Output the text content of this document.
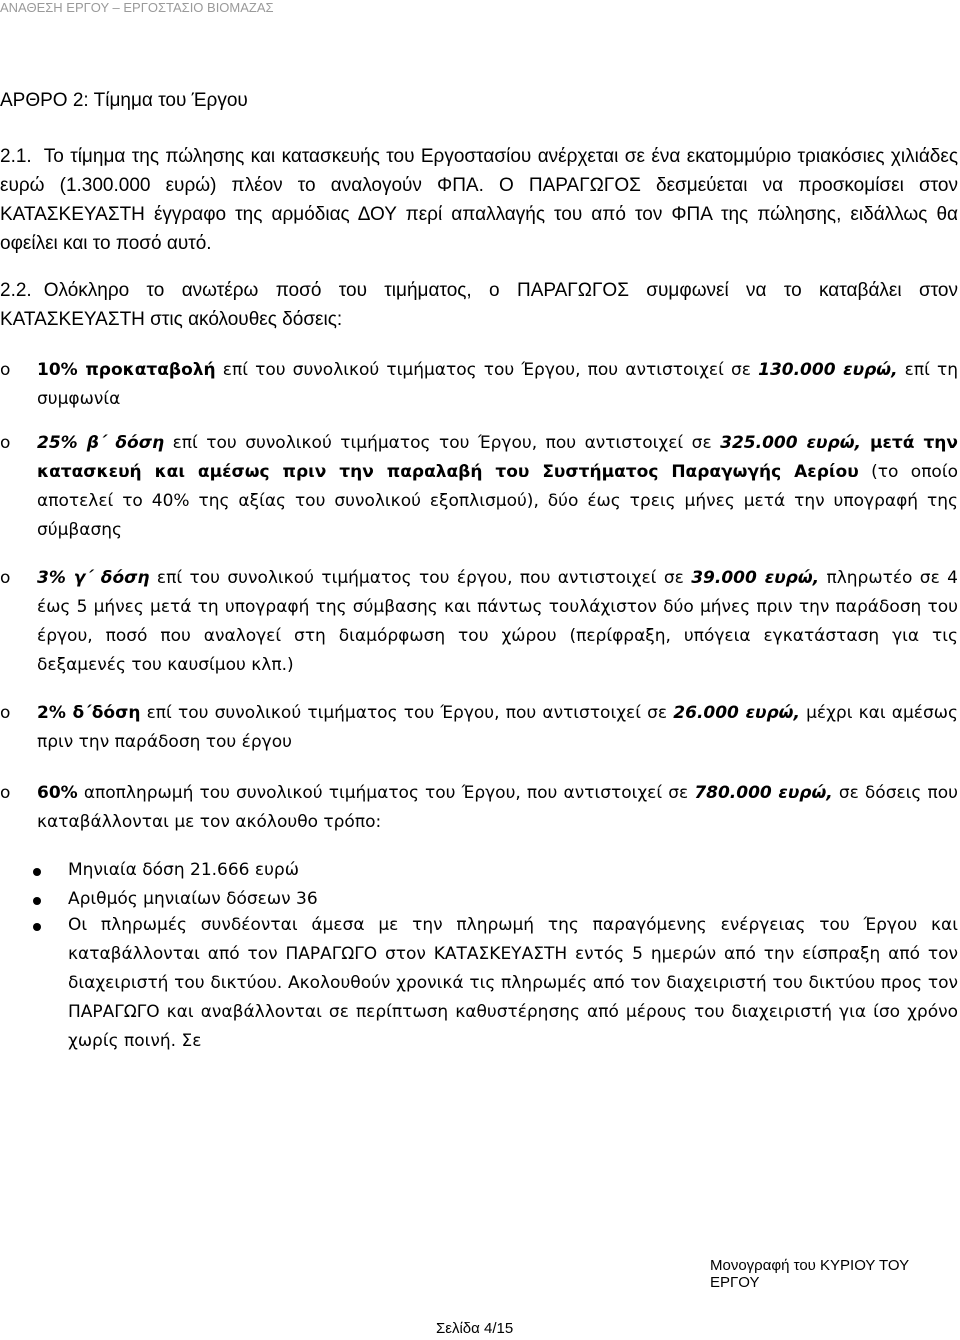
ΑΝΑΘΕΣΗ ΕΡΓΟΥ – ΕΡΓΟΣΤΑΣΙΟ ΒΙΟΜΑΖΑΣ
ΑΡΘΡΟ 2: Τίμημα του Έργου
2.1. Το τίμημα της πώλησης και κατασκευής του Εργοστασίου ανέρχεται σε ένα εκατομμύριο τριακόσιες χιλιάδες ευρώ (1.300.000 ευρώ) πλέον το αναλογούν ΦΠΑ. Ο ΠΑΡΑΓΩΓΟΣ δεσμεύεται να προσκομίσει στον ΚΑΤΑΣΚΕΥΑΣΤΗ έγγραφο της αρμόδιας ΔΟΥ περί απαλλαγής του από τον ΦΠΑ της πώλησης, ειδάλλως θα οφείλει και το ποσό αυτό.
2.2. Ολόκληρο το ανωτέρω ποσό του τιμήματος, ο ΠΑΡΑΓΩΓΟΣ συμφωνεί να το καταβάλει στον ΚΑΤΑΣΚΕΥΑΣΤΗ στις ακόλουθες δόσεις:
o 10% προκαταβολή επί του συνολικού τιμήματος του Έργου, που αντιστοιχεί σε 130.000 ευρώ, επί τη συμφωνία
o 25% β΄ δόση επί του συνολικού τιμήματος του Έργου, που αντιστοιχεί σε 325.000 ευρώ, μετά την κατασκευή και αμέσως πριν την παραλαβή του Συστήματος Παραγωγής Αερίου (το οποίο αποτελεί το 40% της αξίας του συνολικού εξοπλισμού), δύο έως τρεις μήνες μετά την υπογραφή της σύμβασης
o 3% γ΄ δόση επί του συνολικού τιμήματος του έργου, που αντιστοιχεί σε 39.000 ευρώ, πληρωτέο σε 4 έως 5 μήνες μετά τη υπογραφή της σύμβασης και πάντως τουλάχιστον δύο μήνες πριν την παράδοση του έργου, ποσό που αναλογεί στη διαμόρφωση του χώρου (περίφραξη, υπόγεια εγκατάσταση για τις δεξαμενές του καυσίμου κλπ.)
o 2% δ΄δόση επί του συνολικού τιμήματος του Έργου, που αντιστοιχεί σε 26.000 ευρώ, μέχρι και αμέσως πριν την παράδοση του έργου
o 60% αποπληρωμή του συνολικού τιμήματος του Έργου, που αντιστοιχεί σε 780.000 ευρώ, σε δόσεις που καταβάλλονται με τον ακόλουθο τρόπο:
Μηνιαία δόση 21.666 ευρώ
Αριθμός μηνιαίων δόσεων 36
Οι πληρωμές συνδέονται άμεσα με την πληρωμή της παραγόμενης ενέργειας του Έργου και καταβάλλονται από τον ΠΑΡΑΓΩΓΟ στον ΚΑΤΑΣΚΕΥΑΣΤΗ εντός 5 ημερών από την είσπραξη από τον διαχειριστή του δικτύου. Ακολουθούν χρονικά τις πληρωμές από τον διαχειριστή του δικτύου προς τον ΠΑΡΑΓΩΓΟ και αναβάλλονται σε περίπτωση καθυστέρησης από μέρους του διαχειριστή για ίσο χρόνο χωρίς ποινή. Σε
Μονογραφή του ΚΥΡΙΟΥ ΤΟΥ ΕΡΓΟΥ
Σελίδα 4/15
